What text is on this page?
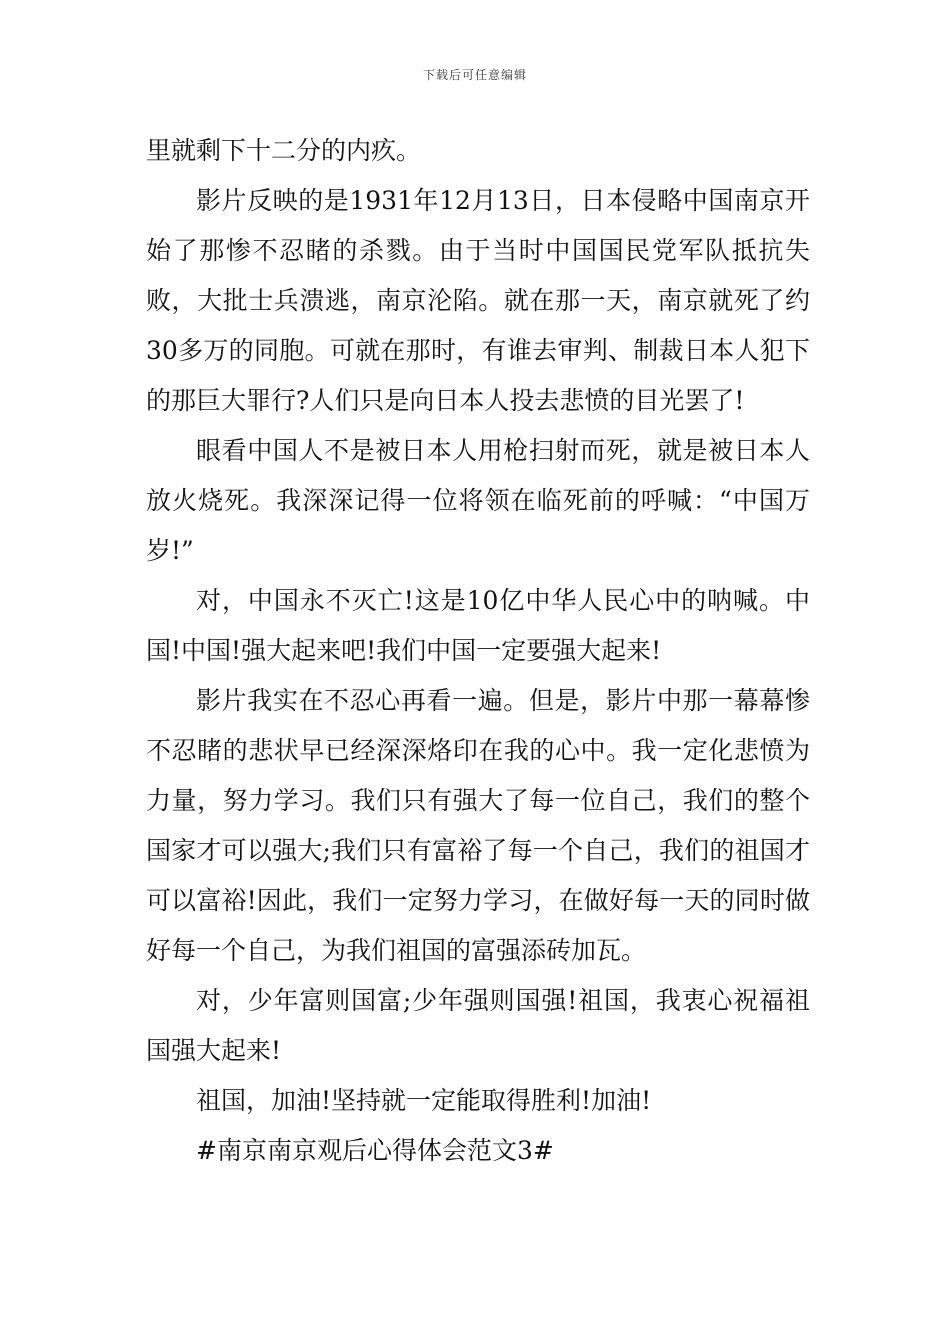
下载后可任意编辑

里就剩下十二分的内疚。

影片反映的是1931年12月13日，日本侵略中国南京开始了那惨不忍睹的杀戮。由于当时中国国民党军队抵抗失败，大批士兵溃逃，南京沦陷。就在那一天，南京就死了约30多万的同胞。可就在那时，有谁去审判、制裁日本人犯下的那巨大罪行?人们只是向日本人投去悲愤的目光罢了!

眼看中国人不是被日本人用枪扫射而死，就是被日本人放火烧死。我深深记得一位将领在临死前的呼喊：“中国万岁!”

对，中国永不灭亡!这是10亿中华人民心中的呐喊。中国!中国!强大起来吧!我们中国一定要强大起来!

影片我实在不忍心再看一遍。但是，影片中那一幕幕惨不忍睹的悲状早已经深深烙印在我的心中。我一定化悲愤为力量，努力学习。我们只有强大了每一位自己，我们的整个国家才可以强大;我们只有富裕了每一个自己，我们的祖国才可以富裕!因此，我们一定努力学习，在做好每一天的同时做好每一个自己，为我们祖国的富强添砖加瓦。

对，少年富则国富;少年强则国强!祖国，我衷心祝福祖国强大起来!

祖国，加油!坚持就一定能取得胜利!加油!

#南京南京观后心得体会范文3#
